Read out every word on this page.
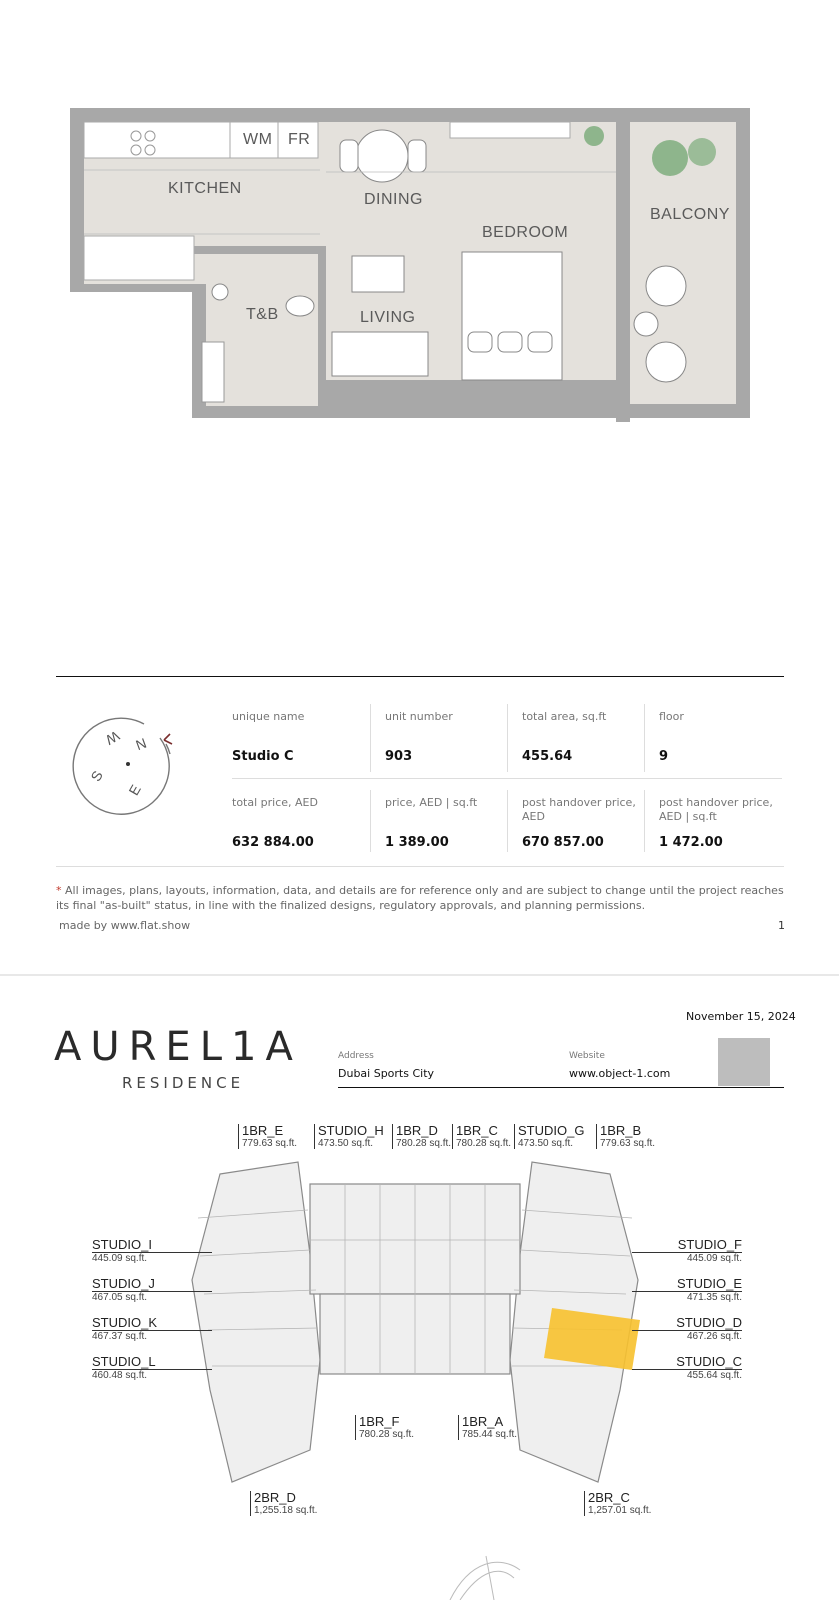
WM FR
KITCHEN
DINING
BEDROOM
BALCONY
T&B	LIVING
N
E
S
W
unique name
Studio C
unit number
903
total area, sq.ft
455.64
floor
9
total price, AED
632 884.00
price, AED | sq.ft
1 389.00
post handover price, AED
670 857.00
post handover price, AED | sq.ft
1 472.00
* All images, plans, layouts, information, data, and details are for reference only and are subject to change until the project reaches its final "as-built" status, in line with the finalized designs, regulatory approvals, and planning permissions.
made by www.flat.show	1
November 15, 2024
AUREL1A
RESIDENCE
Address
Dubai Sports City
Website
www.object-1.com
1BR_E
779.63 sq.ft.
STUDIO_H
473.50 sq.ft.
1BR_D
780.28 sq.ft.
1BR_C
780.28 sq.ft.
STUDIO_G
473.50 sq.ft.
1BR_B
779.63 sq.ft.
STUDIO_I
445.09 sq.ft.
STUDIO_J
467.05 sq.ft.
STUDIO_K
467.37 sq.ft.
STUDIO_L
460.48 sq.ft.
STUDIO_F
445.09 sq.ft.
STUDIO_E
471.35 sq.ft.
STUDIO_D
467.26 sq.ft.
STUDIO_C
455.64 sq.ft.
1BR_F
780.28 sq.ft.
1BR_A
785.44 sq.ft.
2BR_D
1,255.18 sq.ft.
2BR_C
1,257.01 sq.ft.
